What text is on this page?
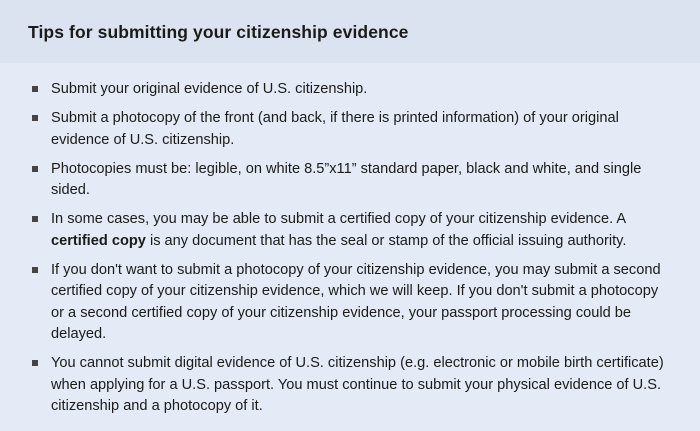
Tips for submitting your citizenship evidence
Submit your original evidence of U.S. citizenship.
Submit a photocopy of the front (and back, if there is printed information) of your original evidence of U.S. citizenship.
Photocopies must be: legible, on white 8.5”x11” standard paper, black and white, and single sided.
In some cases, you may be able to submit a certified copy of your citizenship evidence. A certified copy is any document that has the seal or stamp of the official issuing authority.
If you don't want to submit a photocopy of your citizenship evidence, you may submit a second certified copy of your citizenship evidence, which we will keep. If you don't submit a photocopy or a second certified copy of your citizenship evidence, your passport processing could be delayed.
You cannot submit digital evidence of U.S. citizenship (e.g. electronic or mobile birth certificate) when applying for a U.S. passport. You must continue to submit your physical evidence of U.S. citizenship and a photocopy of it.
